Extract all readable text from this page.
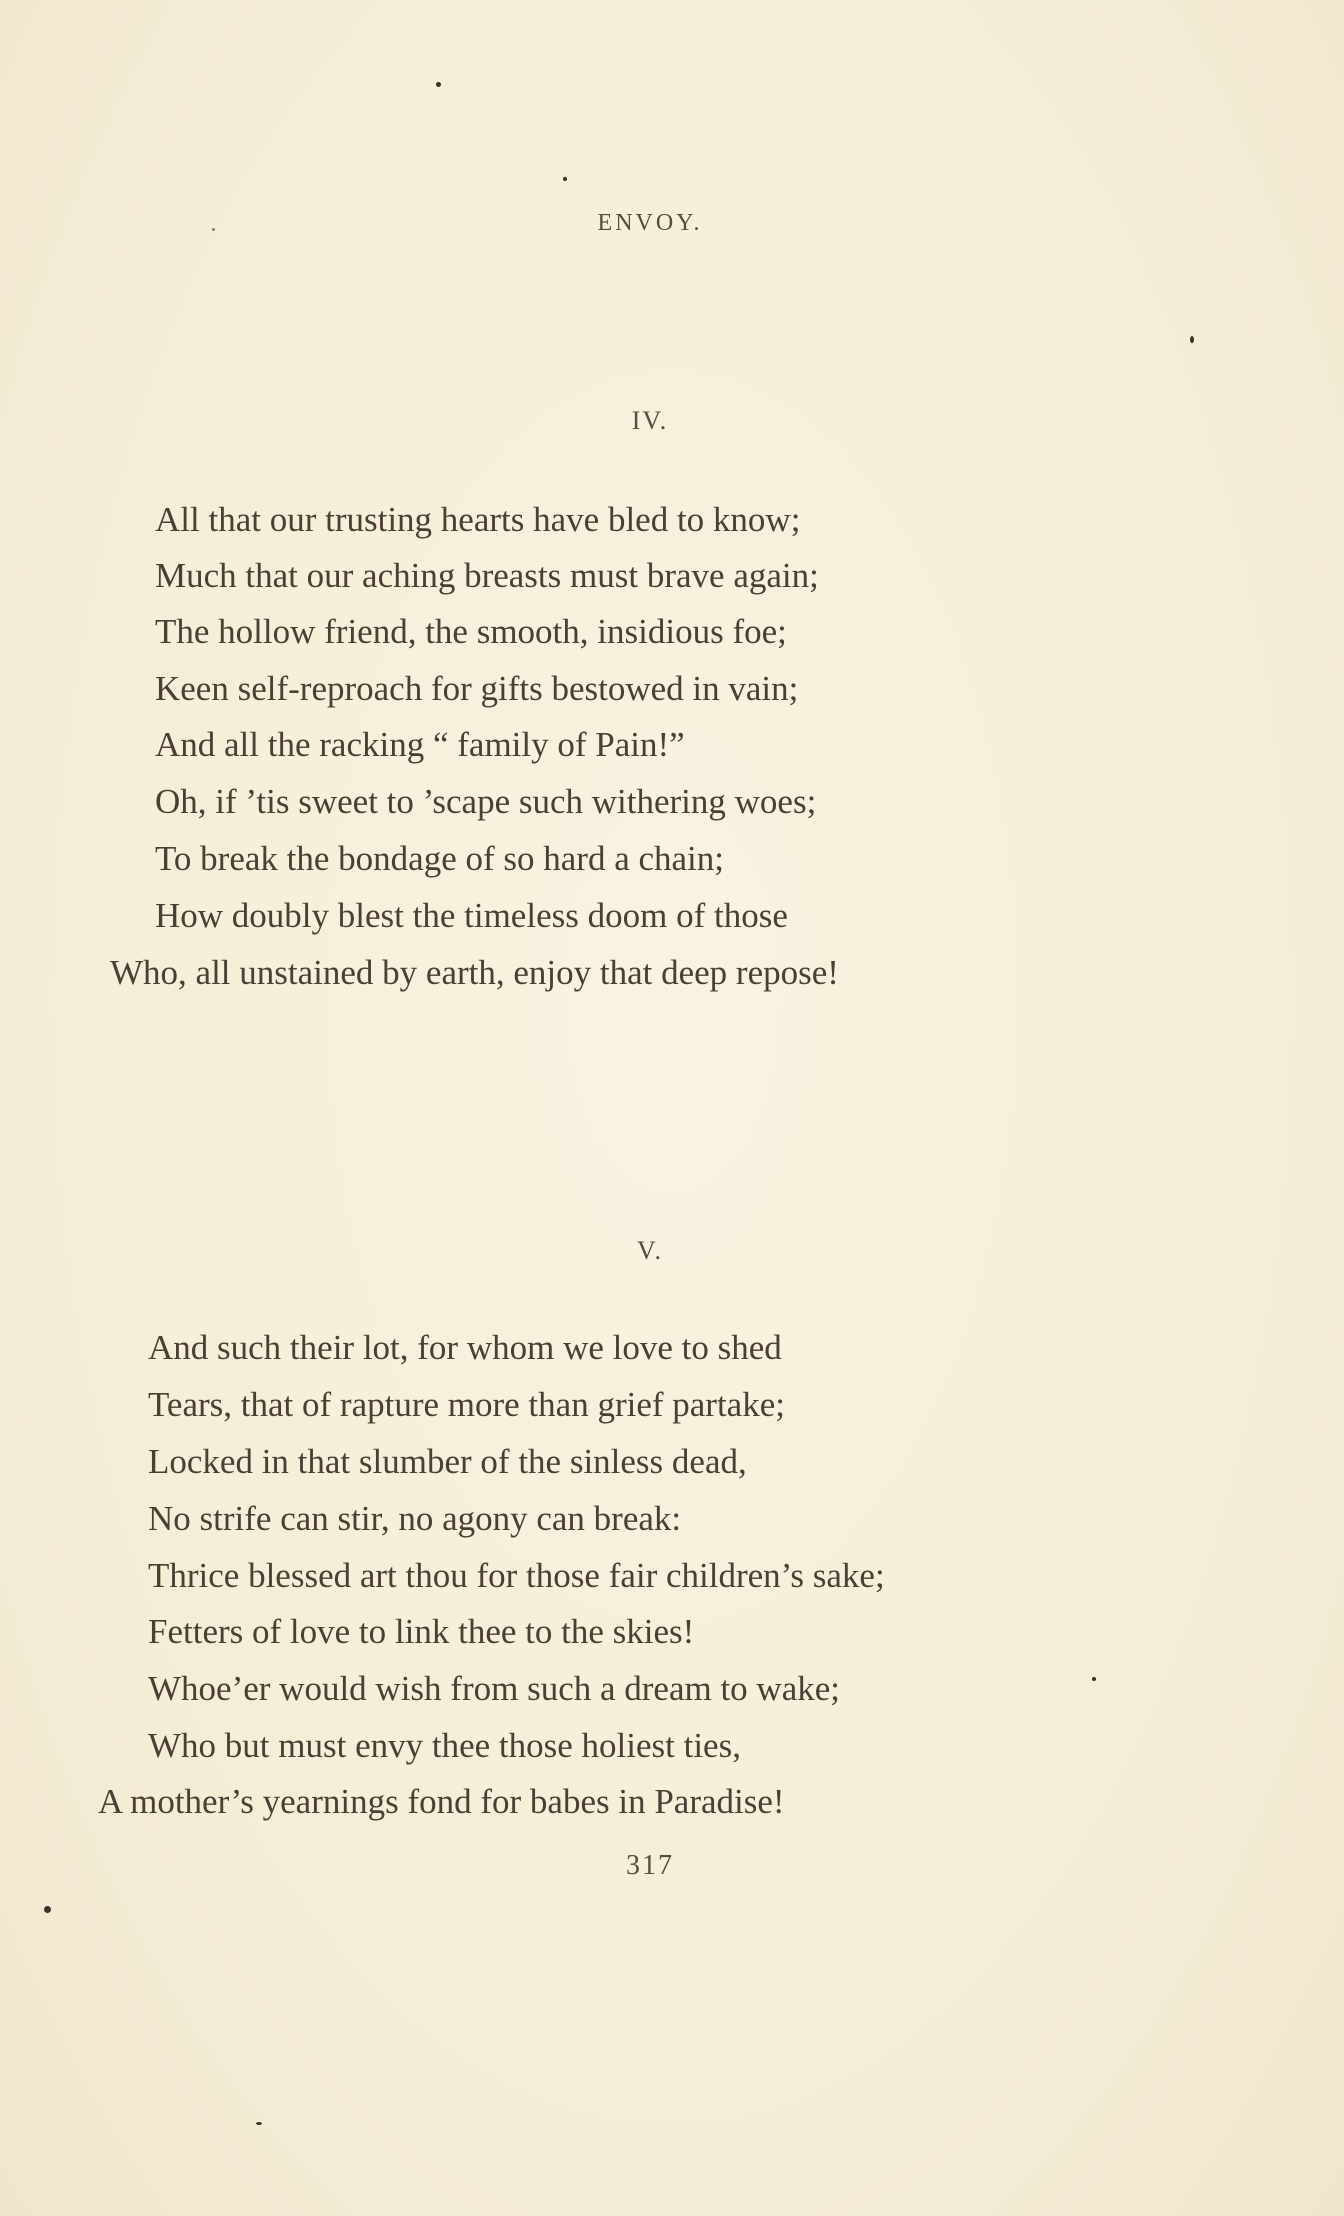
ENVOY.
IV.
All that our trusting hearts have bled to know;
Much that our aching breasts must brave again;
The hollow friend, the smooth, insidious foe;
Keen self-reproach for gifts bestowed in vain;
And all the racking “ family of Pain!”
Oh, if ’tis sweet to ’scape such withering woes;
To break the bondage of so hard a chain;
How doubly blest the timeless doom of those
Who, all unstained by earth, enjoy that deep repose!
V.
And such their lot, for whom we love to shed
Tears, that of rapture more than grief partake;
Locked in that slumber of the sinless dead,
No strife can stir, no agony can break:
Thrice blessed art thou for those fair children’s sake;
Fetters of love to link thee to the skies!
Whoe’er would wish from such a dream to wake;
Who but must envy thee those holiest ties,
A mother’s yearnings fond for babes in Paradise!
317
